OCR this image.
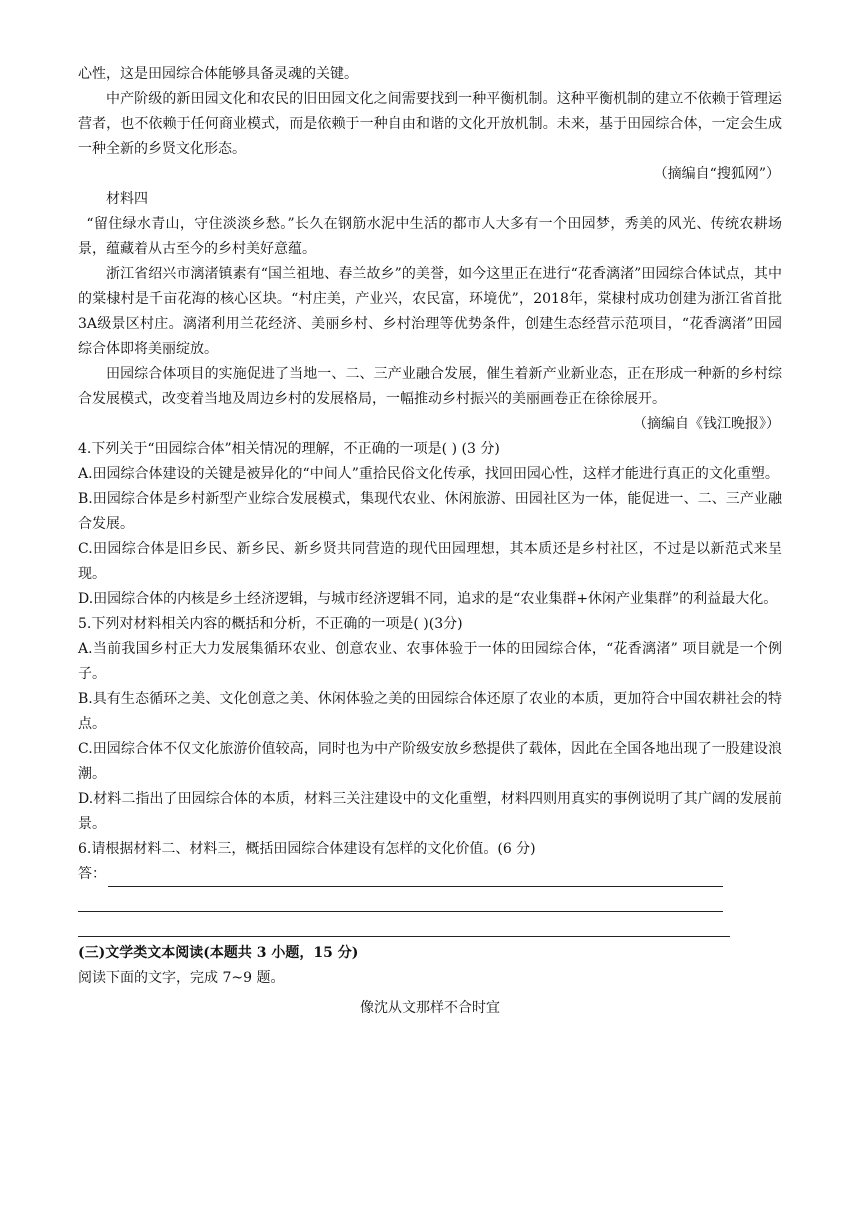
心性，这是田园综合体能够具备灵魂的关键。

中产阶级的新田园文化和农民的旧田园文化之间需要找到一种平衡机制。这种平衡机制的建立不依赖于管理运营者，也不依赖于任何商业模式，而是依赖于一种自由和谐的文化开放机制。未来，基于田园综合体，一定会生成一种全新的乡贤文化形态。

（摘编自“搜狐网”）

材料四

“留住绿水青山，守住淡淡乡愁。”长久在钢筋水泥中生活的都市人大多有一个田园梦，秀美的风光、传统农耕场景，蕴藏着从古至今的乡村美好意蕴。

浙江省绍兴市漓渚镇素有“国兰祖地、春兰故乡”的美誉，如今这里正在进行“花香漓渚”田园综合体试点，其中的棠棣村是千亩花海的核心区块。“村庄美，产业兴，农民富，环境优”，2018年，棠棣村成功创建为浙江省首批3A级景区村庄。漓渚利用兰花经济、美丽乡村、乡村治理等优势条件，创建生态经营示范项目，“花香漓渚”田园综合体即将美丽绽放。

田园综合体项目的实施促进了当地一、二、三产业融合发展，催生着新产业新业态，正在形成一种新的乡村综合发展模式，改变着当地及周边乡村的发展格局，一幅推动乡村振兴的美丽画卷正在徐徐展开。

（摘编自《钱江晚报》）

4.下列关于“田园综合体”相关情况的理解，不正确的一项是( ) (3 分)

A.田园综合体建设的关键是被异化的“中间人”重拾民俗文化传承，找回田园心性，这样才能进行真正的文化重塑。

B.田园综合体是乡村新型产业综合发展模式，集现代农业、休闲旅游、田园社区为一体，能促进一、二、三产业融合发展。

C.田园综合体是旧乡民、新乡民、新乡贤共同营造的现代田园理想，其本质还是乡村社区，不过是以新范式来呈现。

D.田园综合体的内核是乡土经济逻辑，与城市经济逻辑不同，追求的是“农业集群+休闲产业集群”的利益最大化。

5.下列对材料相关内容的概括和分析，不正确的一项是( )(3分)

A.当前我国乡村正大力发展集循环农业、创意农业、农事体验于一体的田园综合体，“花香漓渚” 项目就是一个例子。

B.具有生态循环之美、文化创意之美、休闲体验之美的田园综合体还原了农业的本质，更加符合中国农耕社会的特点。

C.田园综合体不仅文化旅游价值较高，同时也为中产阶级安放乡愁提供了载体，因此在全国各地出现了一股建设浪潮。

D.材料二指出了田园综合体的本质，材料三关注建设中的文化重塑，材料四则用真实的事例说明了其广阔的发展前景。

6.请根据材料二、材料三，概括田园综合体建设有怎样的文化价值。(6 分)

答：

(三)文学类文本阅读(本题共 3 小题，15 分)

阅读下面的文字，完成 7~9 题。

像沈从文那样不合时宜
